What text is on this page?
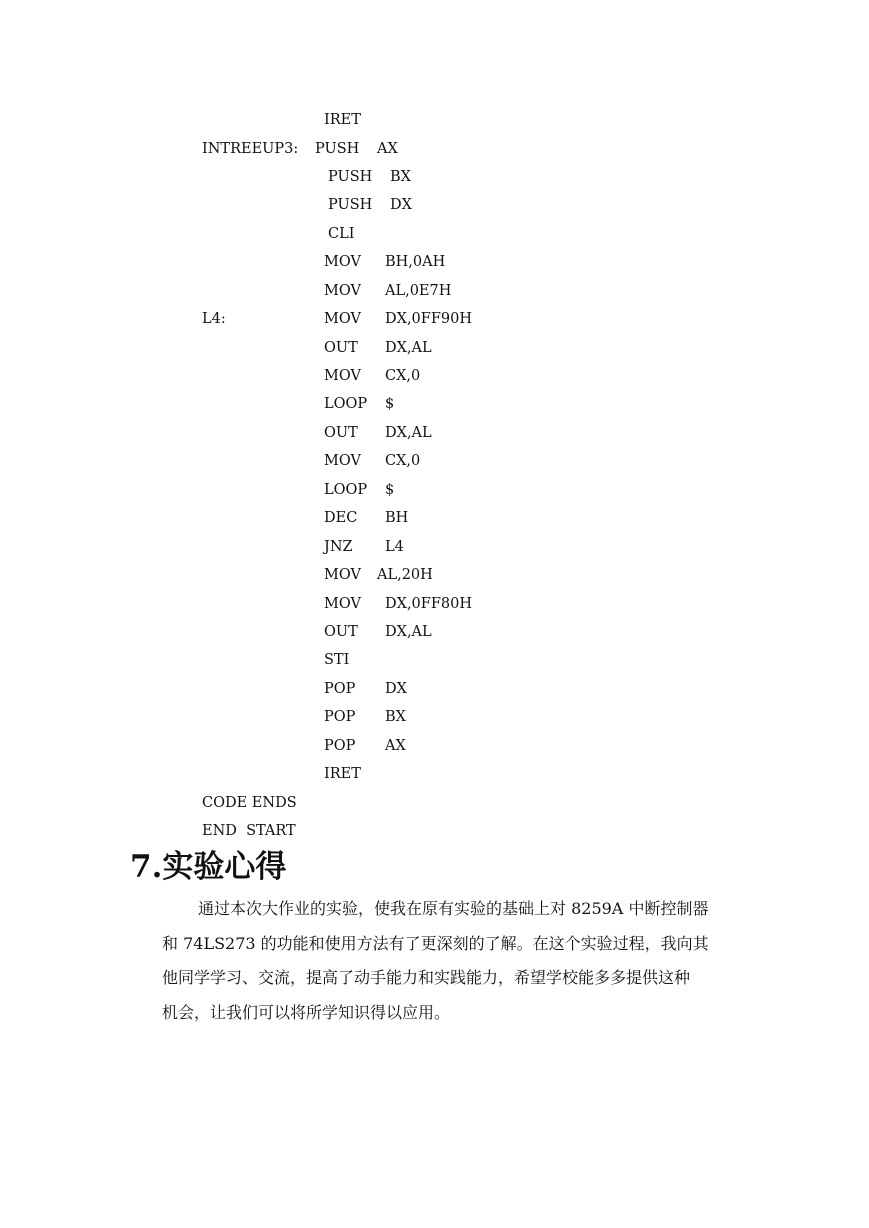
IRET
INTREEUP3: PUSH AX
PUSH BX
PUSH DX
CLI
MOV BH,0AH
MOV AL,0E7H
L4:	MOV DX,0FF90H
OUT DX,AL
MOV CX,0
LOOP $
OUT DX,AL
MOV CX,0
LOOP $
DEC BH
JNZ L4
MOV AL,20H
MOV DX,0FF80H
OUT DX,AL
STI
POP DX
POP BX
POP AX
IRET
CODE ENDS
END  START
7.实验心得

通过本次大作业的实验，使我在原有实验的基础上对 8259A 中断控制器
和 74LS273 的功能和使用方法有了更深刻的了解。在这个实验过程，我向其
他同学学习、交流，提高了动手能力和实践能力，希望学校能多多提供这种
机会，让我们可以将所学知识得以应用。
